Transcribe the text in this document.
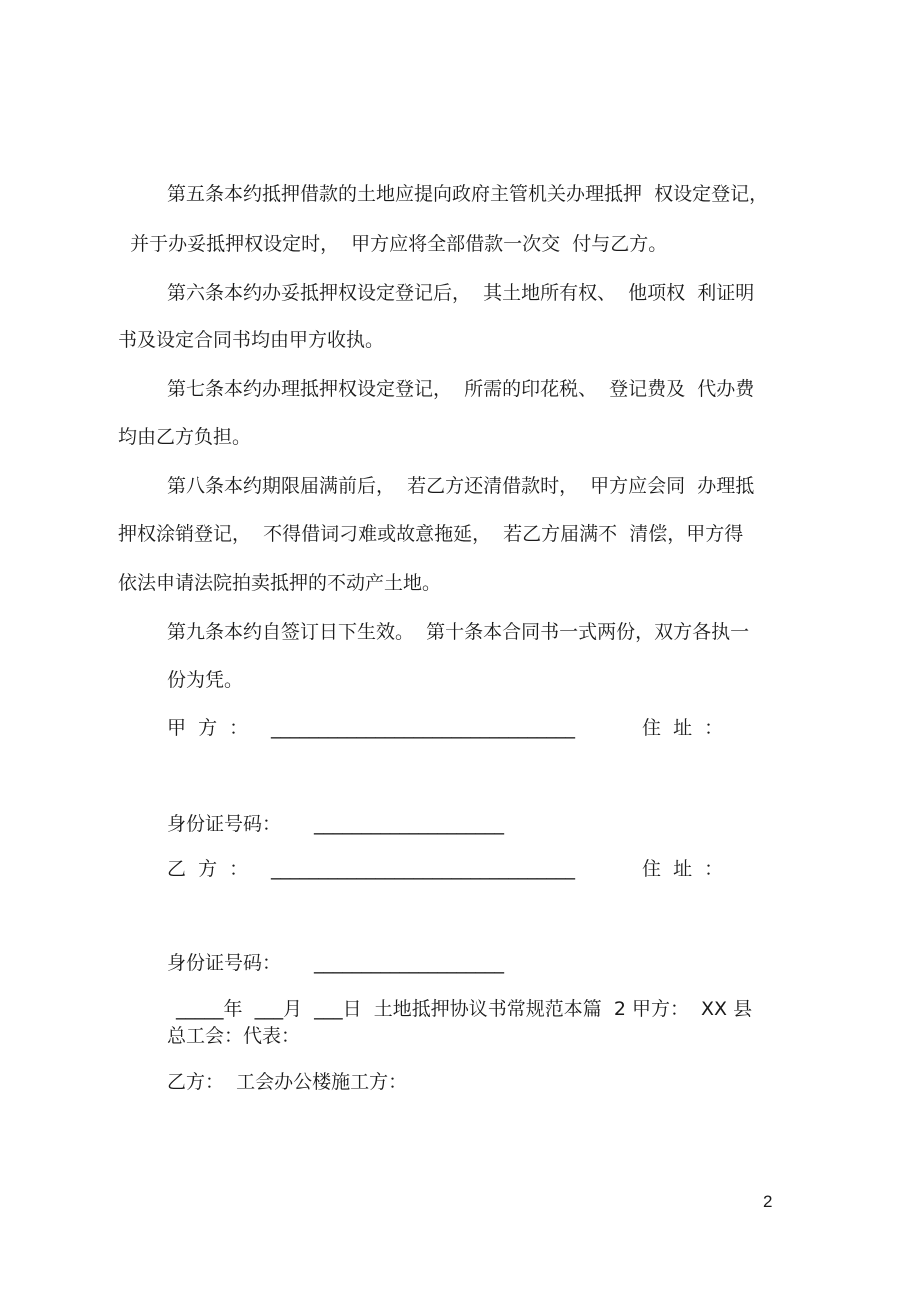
第五条本约抵押借款的土地应提向政府主管机关办理抵押  权设定登记，
并于办妥抵押权设定时，  甲方应将全部借款一次交  付与乙方。
第六条本约办妥抵押权设定登记后，  其土地所有权、  他项权  利证明
书及设定合同书均由甲方收执。
第七条本约办理抵押权设定登记，  所需的印花税、  登记费及  代办费
均由乙方负担。
第八条本约期限届满前后，  若乙方还清借款时，  甲方应会同  办理抵
押权涂销登记，  不得借词刁难或故意拖延，  若乙方届满不  清偿，甲方得
依法申请法院拍卖抵押的不动产土地。
第九条本约自签订日下生效。  第十条本合同书一式两份，双方各执一
份为凭。
甲  方  ： ________________________________	住  址  ：
身份证号码： ____________________
乙  方  ： ________________________________	住  址  ：
身份证号码： ____________________
_____年  ___月  ___日  土地抵押协议书常规范本篇  2 甲方：  XX 县
总工会：代表：
乙方：  工会办公楼施工方：
2
